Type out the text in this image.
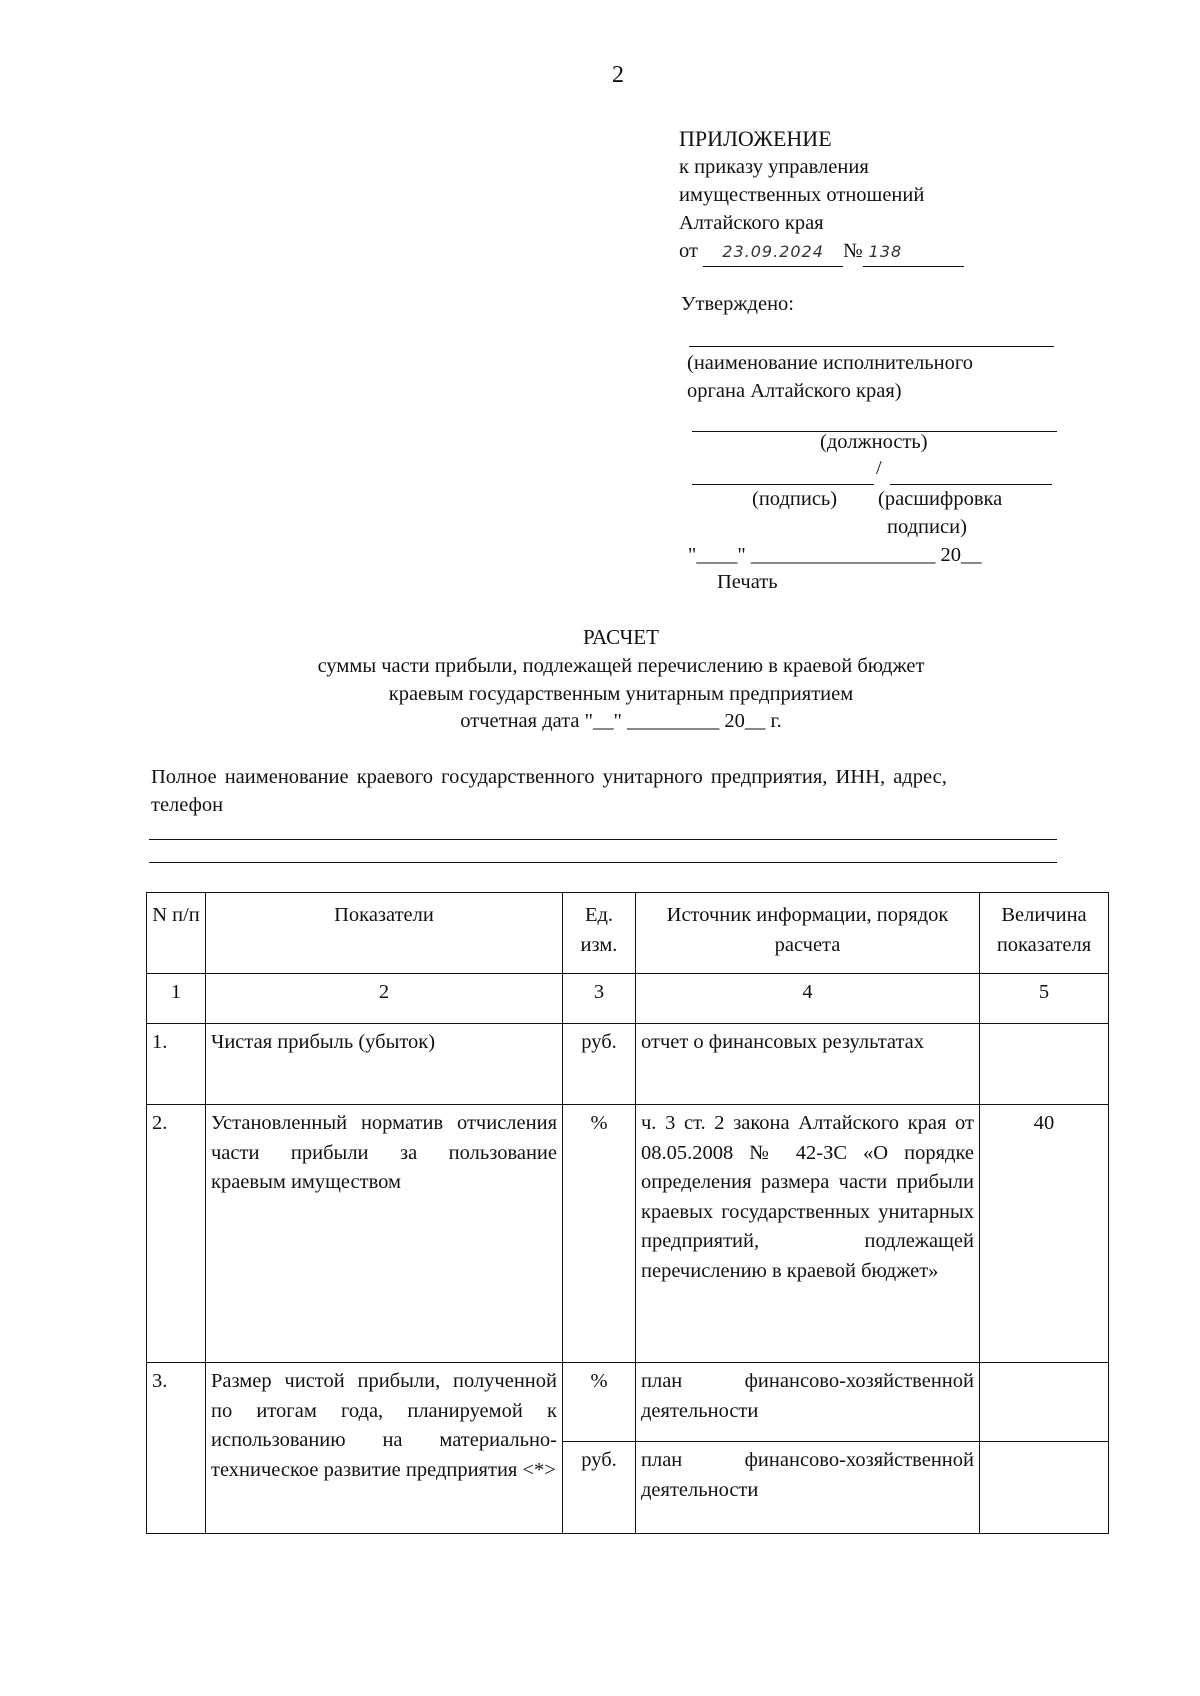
2
ПРИЛОЖЕНИЕ
к приказу управления
имущественных отношений
Алтайского края
от 23.09.2024 № 138
Утверждено:
(наименование исполнительного
органа Алтайского края)
(должность)
/
(подпись) (расшифровка
подписи)
"____" __________________ 20__
Печать
РАСЧЕТ
суммы части прибыли, подлежащей перечислению в краевой бюджет
краевым государственным унитарным предприятием
отчетная дата "__" _________ 20__ г.
Полное наименование краевого государственного унитарного предприятия, ИНН, адрес,
телефон
N п/п	Показатели	Ед. изм.	Источник информации, порядок расчета	Величина показателя
1	2	3	4	5
1.	Чистая прибыль (убыток)	руб.	отчет о финансовых результатах	
2.	Установленный норматив отчисления части прибыли за пользование краевым имуществом	%	ч. 3 ст. 2 закона Алтайского края от 08.05.2008 № 42-ЗС «О порядке определения размера части прибыли краевых государственных унитарных предприятий, подлежащей перечислению в краевой бюджет»	40
3.	Размер чистой прибыли, полученной по итогам года, планируемой к использованию на материально-техническое развитие предприятия <*>	%	план финансово-хозяйственной деятельности	
		руб.	план финансово-хозяйственной деятельности	
